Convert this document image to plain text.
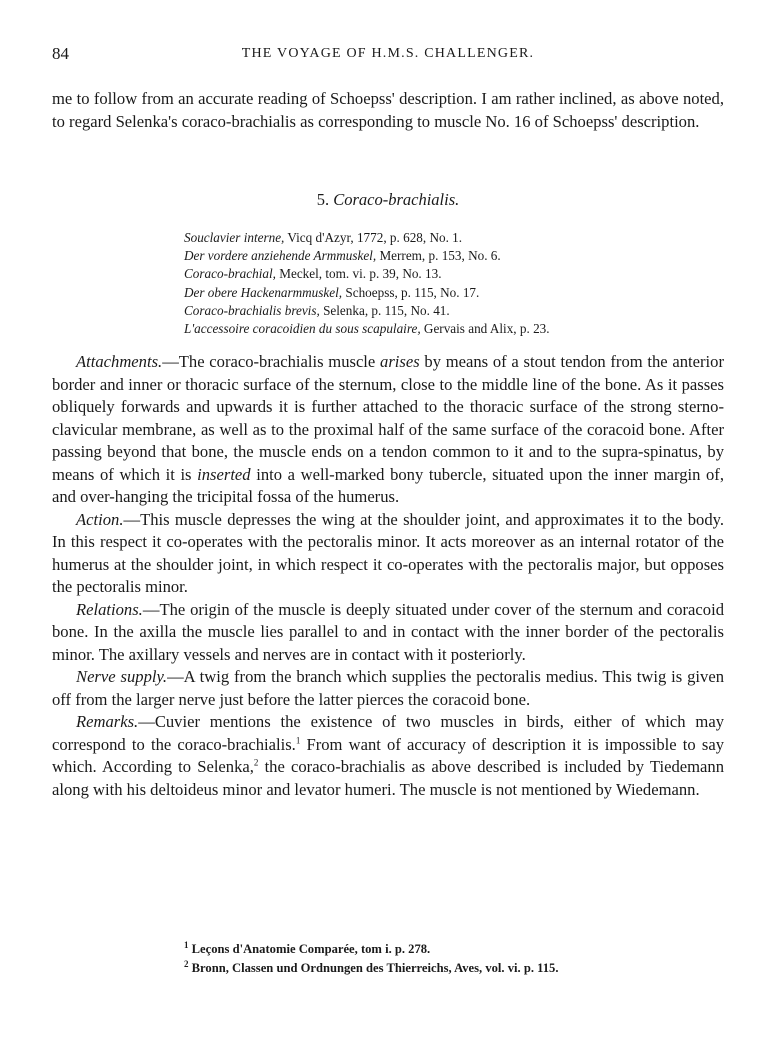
84	THE VOYAGE OF H.M.S. CHALLENGER.

me to follow from an accurate reading of Schoepss' description. I am rather inclined, as above noted, to regard Selenka's coraco-brachialis as corresponding to muscle No. 16 of Schoepss' description.

5. Coraco-brachialis.
Souclavier interne, Vicq d'Azyr, 1772, p. 628, No. 1.
Der vordere anziehende Armmuskel, Merrem, p. 153, No. 6.
Coraco-brachial, Meckel, tom. vi. p. 39, No. 13.
Der obere Hackenarmmuskel, Schoepss, p. 115, No. 17.
Coraco-brachialis brevis, Selenka, p. 115, No. 41.
L'accessoire coracoidien du sous scapulaire, Gervais and Alix, p. 23.

Attachments.—The coraco-brachialis muscle arises by means of a stout tendon from the anterior border and inner or thoracic surface of the sternum, close to the middle line of the bone. As it passes obliquely forwards and upwards it is further attached to the thoracic surface of the strong sterno-clavicular membrane, as well as to the proximal half of the same surface of the coracoid bone. After passing beyond that bone, the muscle ends on a tendon common to it and to the supra-spinatus, by means of which it is inserted into a well-marked bony tubercle, situated upon the inner margin of, and over-hanging the tricipital fossa of the humerus.

Action.—This muscle depresses the wing at the shoulder joint, and approximates it to the body. In this respect it co-operates with the pectoralis minor. It acts moreover as an internal rotator of the humerus at the shoulder joint, in which respect it co-operates with the pectoralis major, but opposes the pectoralis minor.

Relations.—The origin of the muscle is deeply situated under cover of the sternum and coracoid bone. In the axilla the muscle lies parallel to and in contact with the inner border of the pectoralis minor. The axillary vessels and nerves are in contact with it posteriorly.

Nerve supply.—A twig from the branch which supplies the pectoralis medius. This twig is given off from the larger nerve just before the latter pierces the coracoid bone.

Remarks.—Cuvier mentions the existence of two muscles in birds, either of which may correspond to the coraco-brachialis.$^1$ From want of accuracy of description it is impossible to say which. According to Selenka,$^2$ the coraco-brachialis as above described is included by Tiedemann along with his deltoideus minor and levator humeri. The muscle is not mentioned by Wiedemann.

$^1$ Leçons d'Anatomie Comparée, tom i. p. 278.
$^2$ Bronn, Classen und Ordnungen des Thierreichs, Aves, vol. vi. p. 115.
